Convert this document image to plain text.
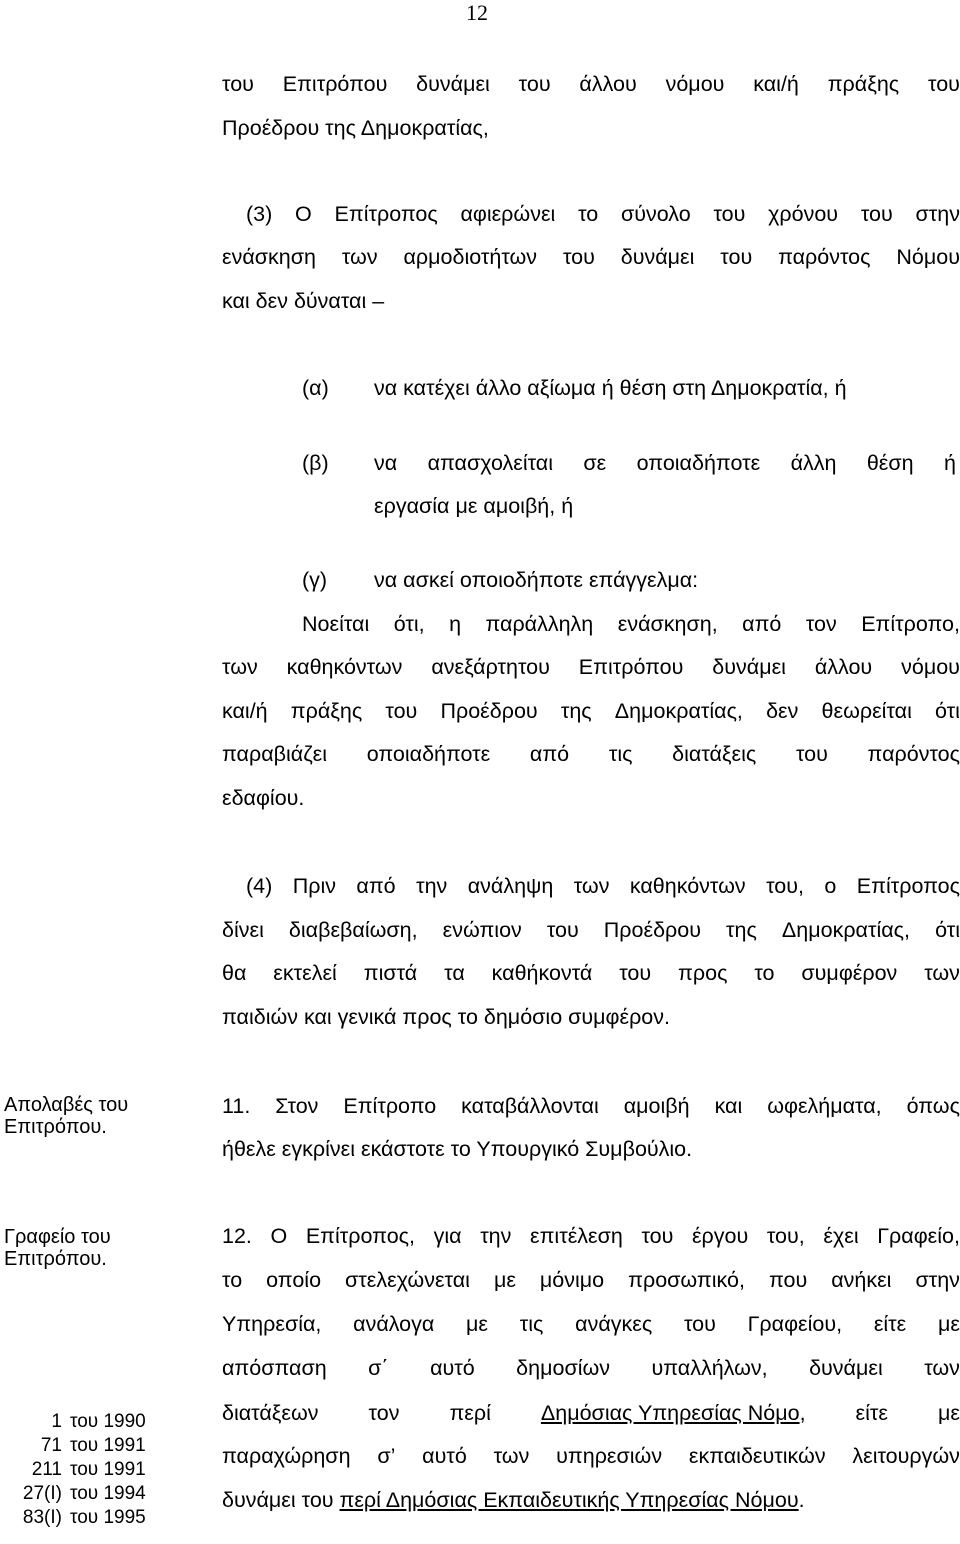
12
του Επιτρόπου δυνάμει του άλλου νόμου και/ή πράξης του
Προέδρου της Δημοκρατίας,
(3) Ο Επίτροπος αφιερώνει το σύνολο του χρόνου του στην
ενάσκηση των αρμοδιοτήτων του δυνάμει του παρόντος Νόμου
και δεν δύναται –
(α) να κατέχει άλλο αξίωμα ή θέση στη Δημοκρατία, ή
(β) να απασχολείται σε οποιαδήποτε άλλη θέση ή
εργασία με αμοιβή, ή
(γ) να ασκεί οποιοδήποτε επάγγελμα:
Νοείται ότι, η παράλληλη ενάσκηση, από τον Επίτροπο,
των καθηκόντων ανεξάρτητου Επιτρόπου δυνάμει άλλου νόμου
και/ή πράξης του Προέδρου της Δημοκρατίας, δεν θεωρείται ότι
παραβιάζει οποιαδήποτε από τις διατάξεις του παρόντος
εδαφίου.
(4) Πριν από την ανάληψη των καθηκόντων του, ο Επίτροπος
δίνει διαβεβαίωση, ενώπιον του Προέδρου της Δημοκρατίας, ότι
θα εκτελεί πιστά τα καθήκοντά του προς το συμφέρον των
παιδιών και γενικά προς το δημόσιο συμφέρον.
Απολαβές του
Επιτρόπου.
11. Στον Επίτροπο καταβάλλονται αμοιβή και ωφελήματα, όπως
ήθελε εγκρίνει εκάστοτε το Υπουργικό Συμβούλιο.
Γραφείο του
Επιτρόπου.
12. Ο Επίτροπος, για την επιτέλεση του έργου του, έχει Γραφείο,
το οποίο στελεχώνεται με μόνιμο προσωπικό, που ανήκει στην
Υπηρεσία, ανάλογα με τις ανάγκες του Γραφείου, είτε με
απόσπαση σ΄ αυτό δημοσίων υπαλλήλων, δυνάμει των
διατάξεων τον περί Δημόσιας Υπηρεσίας Νόμο, είτε με
παραχώρηση σ’ αυτό των υπηρεσιών εκπαιδευτικών λειτουργών
δυνάμει του περί Δημόσιας Εκπαιδευτικής Υπηρεσίας Νόμου.
1 του 1990
71 του 1991
211 του 1991
27(I) του 1994
83(I) του 1995
